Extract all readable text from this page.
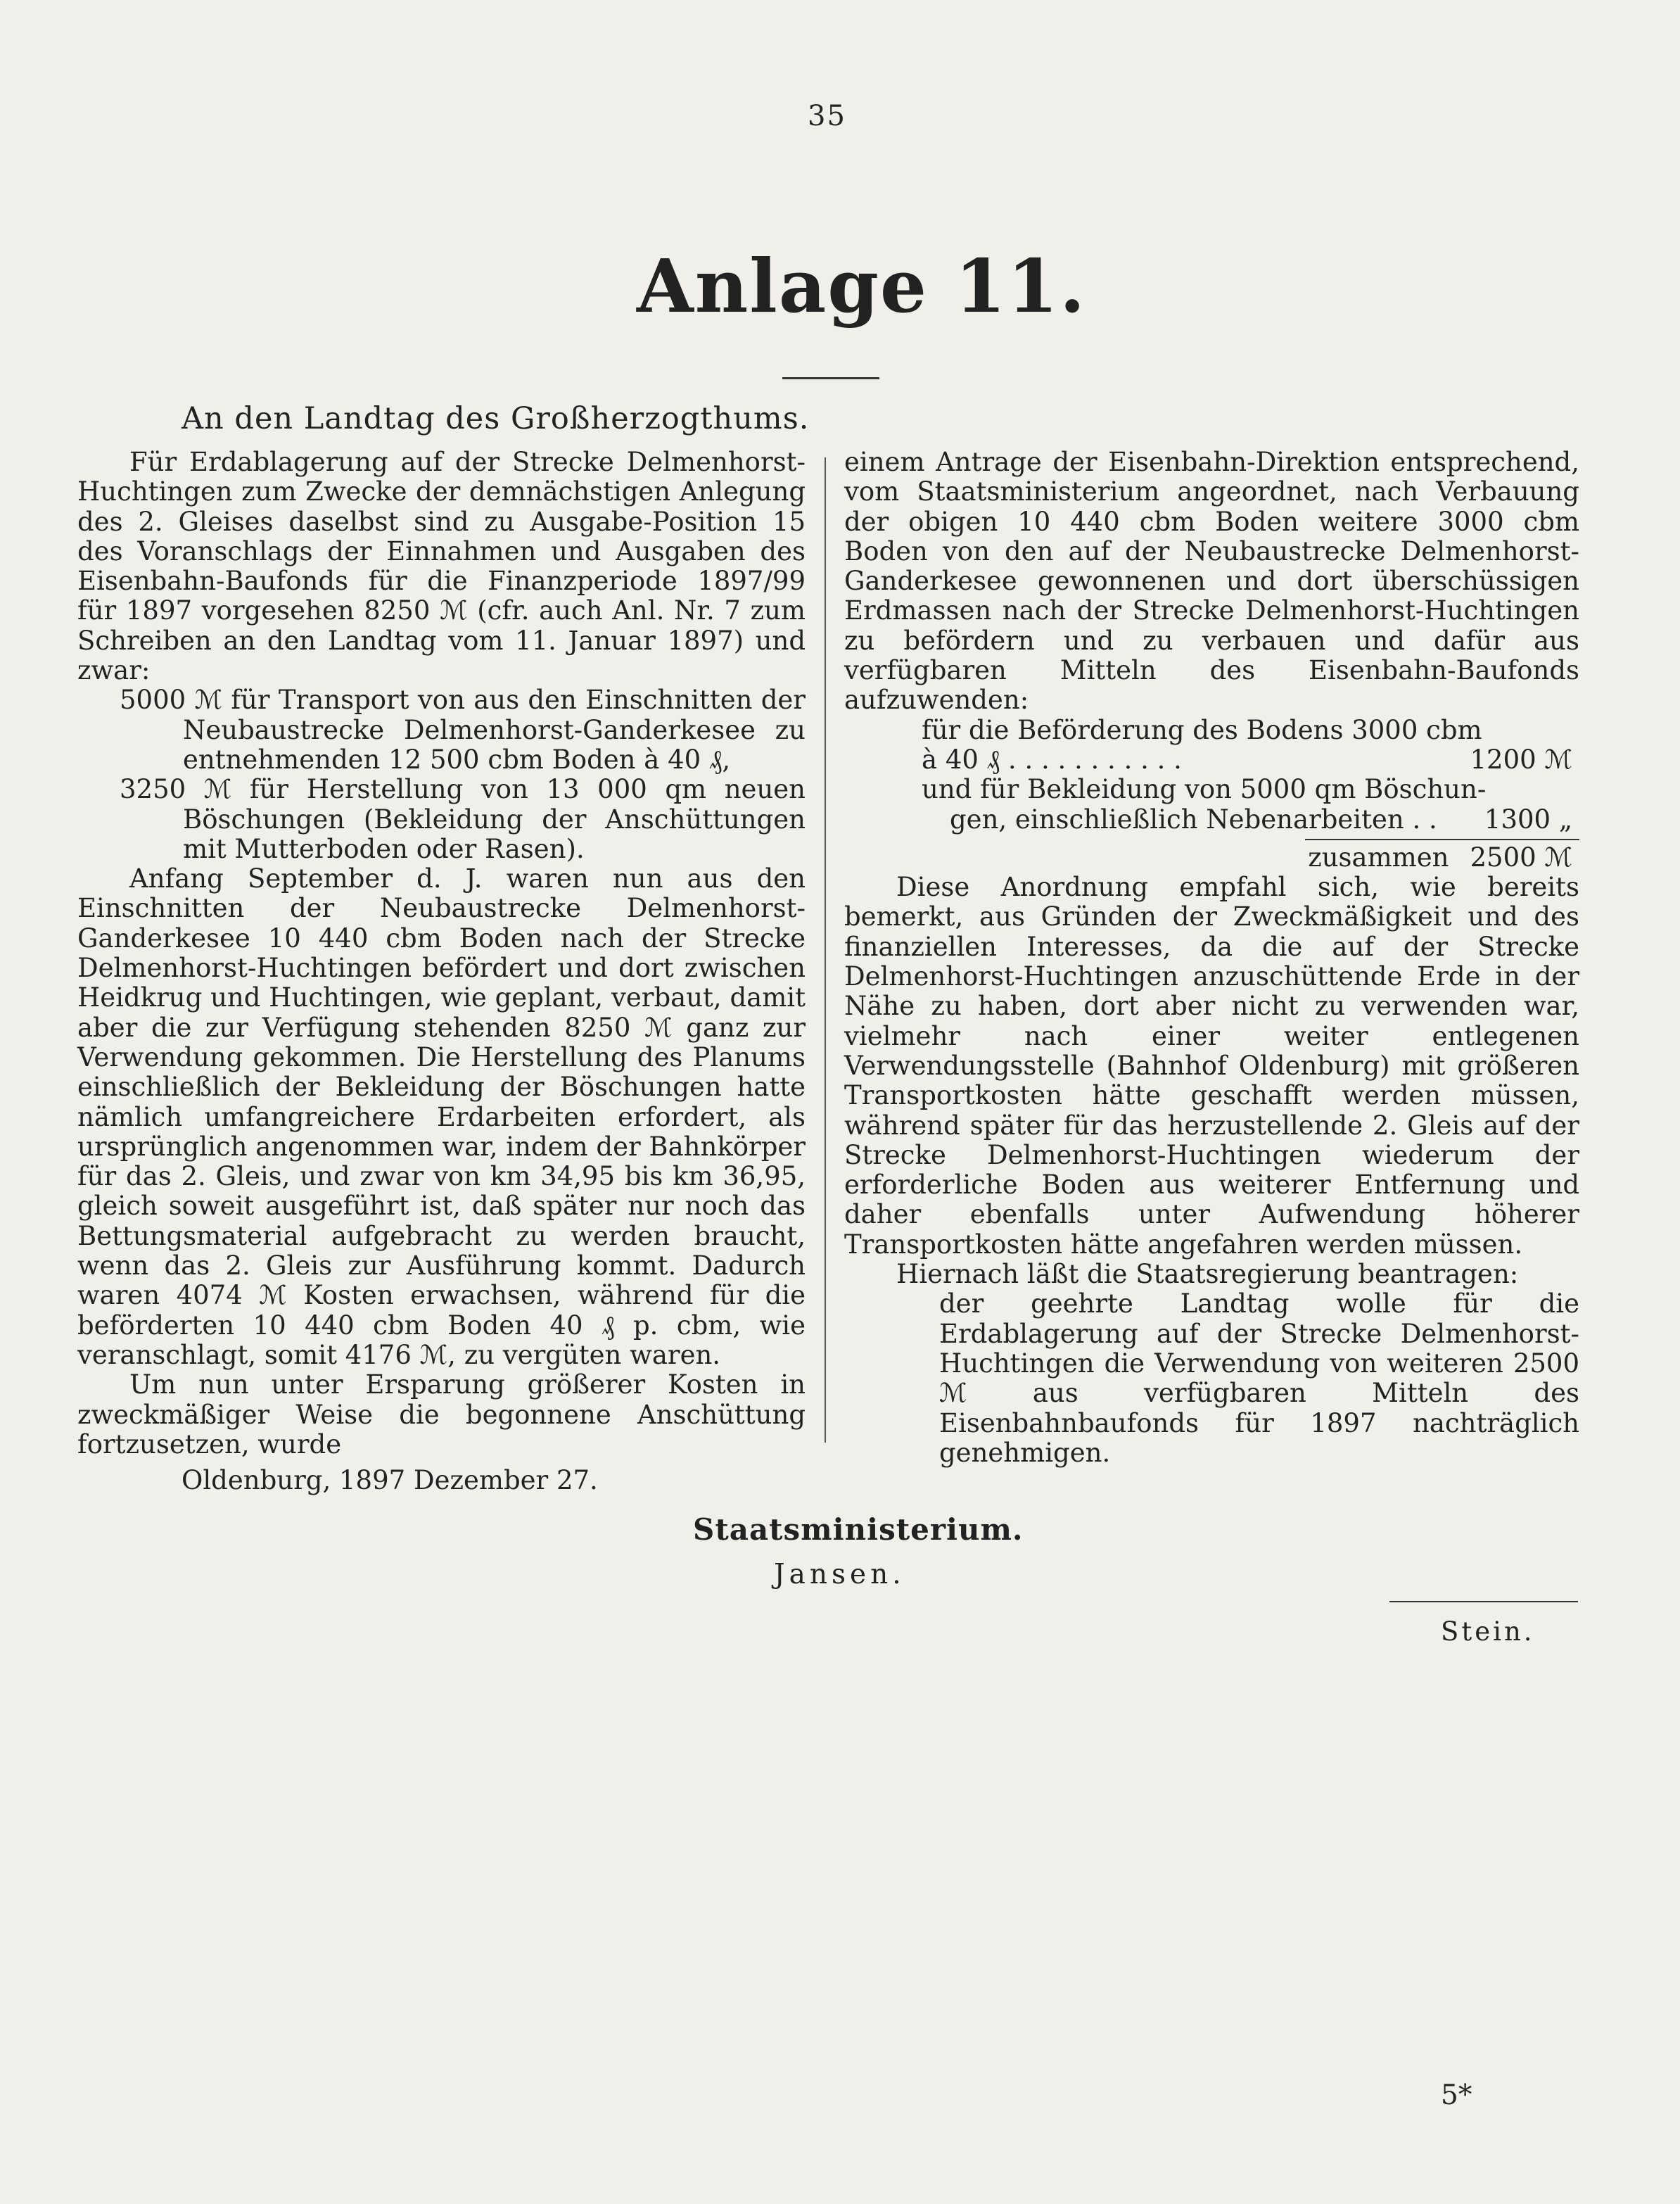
35
Anlage 11.
An den Landtag des Großherzogthums.

Für Erdablagerung auf der Strecke Delmenhorst-Huchtingen zum Zwecke der demnächstigen Anlegung des 2. Gleises daselbst sind zu Ausgabe-Position 15 des Voranschlags der Einnahmen und Ausgaben des Eisenbahn-Baufonds für die Finanzperiode 1897/99 für 1897 vorgesehen 8250 ℳ (cfr. auch Anl. Nr. 7 zum Schreiben an den Landtag vom 11. Januar 1897) und zwar:

5000 ℳ für Transport von aus den Einschnitten der Neubaustrecke Delmenhorst-Ganderkesee zu entnehmenden 12 500 cbm Boden à 40 ₰,

3250 ℳ für Herstellung von 13 000 qm neuen Böschungen (Bekleidung der Anschüttungen mit Mutterboden oder Rasen).

Anfang September d. J. waren nun aus den Einschnitten der Neubaustrecke Delmenhorst-Ganderkesee 10 440 cbm Boden nach der Strecke Delmenhorst-Huchtingen befördert und dort zwischen Heidkrug und Huchtingen, wie geplant, verbaut, damit aber die zur Verfügung stehenden 8250 ℳ ganz zur Verwendung gekommen. Die Herstellung des Planums einschließlich der Bekleidung der Böschungen hatte nämlich umfangreichere Erdarbeiten erfordert, als ursprünglich angenommen war, indem der Bahnkörper für das 2. Gleis, und zwar von km 34,95 bis km 36,95, gleich soweit ausgeführt ist, daß später nur noch das Bettungsmaterial aufgebracht zu werden braucht, wenn das 2. Gleis zur Ausführung kommt. Dadurch waren 4074 ℳ Kosten erwachsen, während für die beförderten 10 440 cbm Boden 40 ₰ p. cbm, wie veranschlagt, somit 4176 ℳ, zu vergüten waren.

Um nun unter Ersparung größerer Kosten in zweckmäßiger Weise die begonnene Anschüttung fortzusetzen, wurde

einem Antrage der Eisenbahn-Direktion entsprechend, vom Staatsministerium angeordnet, nach Verbauung der obigen 10 440 cbm Boden weitere 3000 cbm Boden von den auf der Neubaustrecke Delmenhorst-Ganderkesee gewonnenen und dort überschüssigen Erdmassen nach der Strecke Delmenhorst-Huchtingen zu befördern und zu verbauen und dafür aus verfügbaren Mitteln des Eisenbahn-Baufonds aufzuwenden:

für die Beförderung des Bodens 3000 cbm
à 40 ₰ . . . . . . . . . . .	1200 ℳ
und für Bekleidung von 5000 qm Böschun-
gen, einschließlich Nebenarbeiten . . 1300 „
zusammen 2500 ℳ

Diese Anordnung empfahl sich, wie bereits bemerkt, aus Gründen der Zweckmäßigkeit und des finanziellen Interesses, da die auf der Strecke Delmenhorst-Huchtingen anzuschüttende Erde in der Nähe zu haben, dort aber nicht zu verwenden war, vielmehr nach einer weiter entlegenen Verwendungsstelle (Bahnhof Oldenburg) mit größeren Transportkosten hätte geschafft werden müssen, während später für das herzustellende 2. Gleis auf der Strecke Delmenhorst-Huchtingen wiederum der erforderliche Boden aus weiterer Entfernung und daher ebenfalls unter Aufwendung höherer Transportkosten hätte angefahren werden müssen.

Hiernach läßt die Staatsregierung beantragen:

der geehrte Landtag wolle für die Erdablagerung auf der Strecke Delmenhorst-Huchtingen die Verwendung von weiteren 2500 ℳ aus verfügbaren Mitteln des Eisenbahnbaufonds für 1897 nachträglich genehmigen.

Oldenburg, 1897 Dezember 27.
Staatsministerium.
Jansen.
Stein.
5*
